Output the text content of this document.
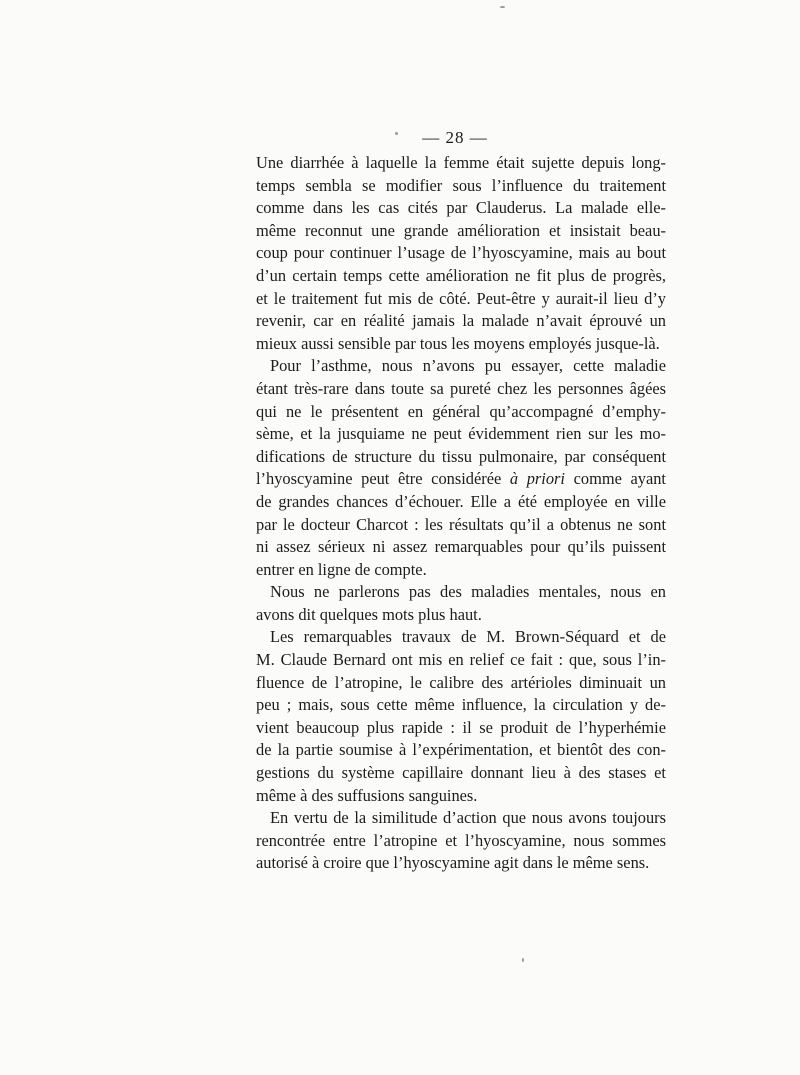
— 28 —
Une diarrhée à laquelle la femme était sujette depuis long-
temps sembla se modifier sous l’influence du traitement
comme dans les cas cités par Clauderus. La malade elle-
même reconnut une grande amélioration et insistait beau-
coup pour continuer l’usage de l’hyoscyamine, mais au bout
d’un certain temps cette amélioration ne fit plus de progrès,
et le traitement fut mis de côté. Peut-être y aurait-il lieu d’y
revenir, car en réalité jamais la malade n’avait éprouvé un
mieux aussi sensible par tous les moyens employés jusque-là.
Pour l’asthme, nous n’avons pu essayer, cette maladie
étant très-rare dans toute sa pureté chez les personnes âgées
qui ne le présentent en général qu’accompagné d’emphy-
sème, et la jusquiame ne peut évidemment rien sur les mo-
difications de structure du tissu pulmonaire, par conséquent
l’hyoscyamine peut être considérée à priori comme ayant
de grandes chances d’échouer. Elle a été employée en ville
par le docteur Charcot : les résultats qu’il a obtenus ne sont
ni assez sérieux ni assez remarquables pour qu’ils puissent
entrer en ligne de compte.
Nous ne parlerons pas des maladies mentales, nous en
avons dit quelques mots plus haut.
Les remarquables travaux de M. Brown-Séquard et de
M. Claude Bernard ont mis en relief ce fait : que, sous l’in-
fluence de l’atropine, le calibre des artérioles diminuait un
peu ; mais, sous cette même influence, la circulation y de-
vient beaucoup plus rapide : il se produit de l’hyperhémie
de la partie soumise à l’expérimentation, et bientôt des con-
gestions du système capillaire donnant lieu à des stases et
même à des suffusions sanguines.
En vertu de la similitude d’action que nous avons toujours
rencontrée entre l’atropine et l’hyoscyamine, nous sommes
autorisé à croire que l’hyoscyamine agit dans le même sens.
